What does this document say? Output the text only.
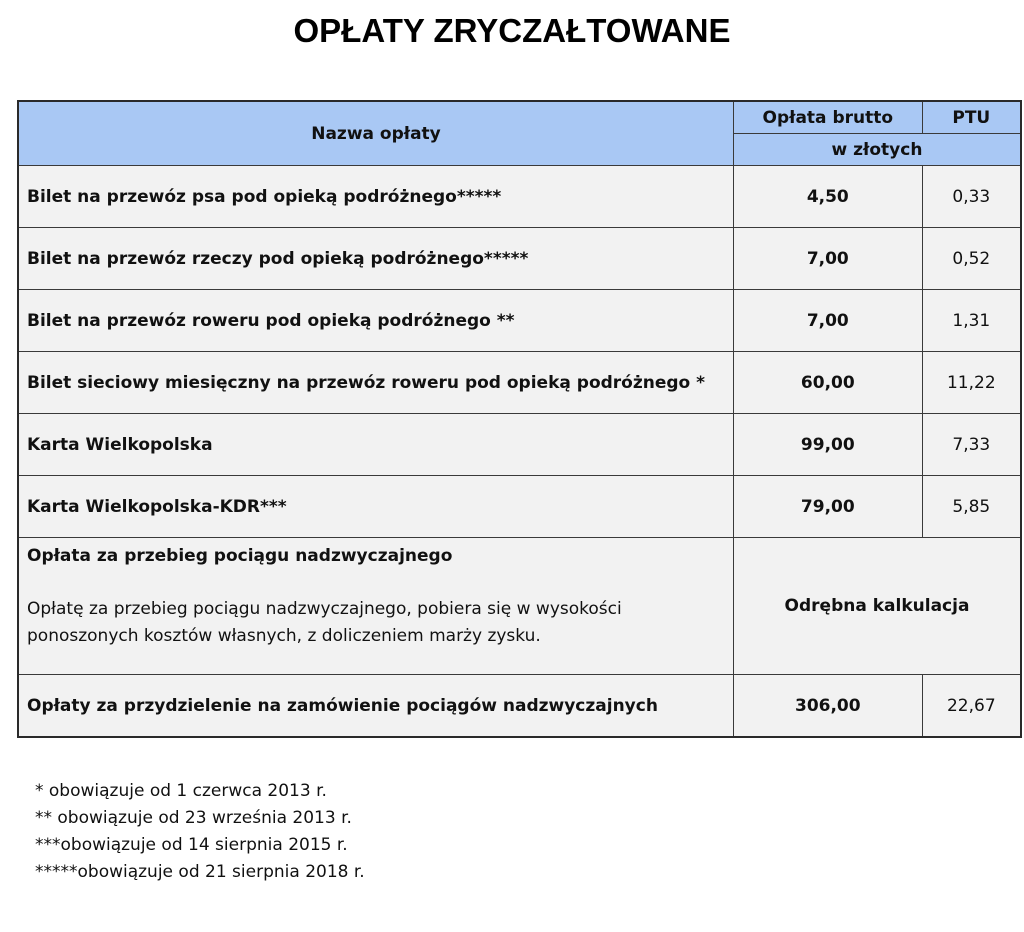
OPŁATY ZRYCZAŁTOWANE
Nazwa opłaty	Opłata brutto	PTU
	w złotych	
Bilet na przewóz psa pod opieką podróżnego*****	4,50	0,33
Bilet na przewóz rzeczy pod opieką podróżnego*****	7,00	0,52
Bilet na przewóz roweru pod opieką podróżnego **	7,00	1,31
Bilet sieciowy miesięczny na przewóz roweru pod opieką podróżnego *	60,00	11,22
Karta Wielkopolska	99,00	7,33
Karta Wielkopolska-KDR***	79,00	5,85

Opłata za przebieg pociągu nadzwyczajnego
Opłatę za przebieg pociągu nadzwyczajnego, pobiera się w wysokości
ponoszonych kosztów własnych, z doliczeniem marży zysku.	Odrębna kalkulacja	
Opłaty za przydzielenie na zamówienie pociągów nadzwyczajnych	306,00	22,67
* obowiązuje od 1 czerwca 2013 r.
** obowiązuje od 23 września 2013 r.
***obowiązuje od 14 sierpnia 2015 r.
*****obowiązuje od 21 sierpnia 2018 r.
